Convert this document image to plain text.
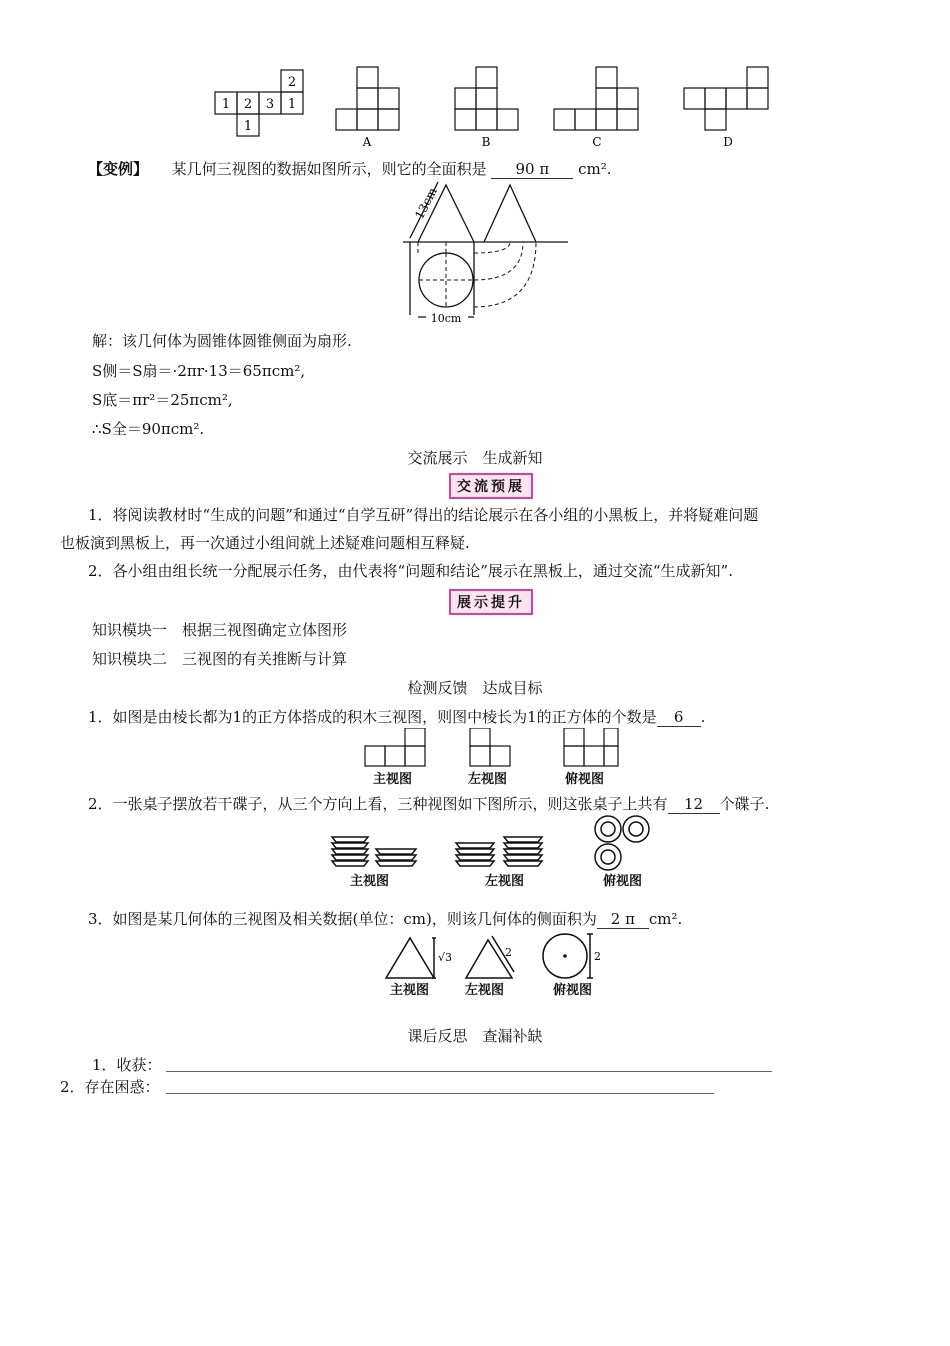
2
1 2 3 1
1
A	B	C	D
【变例】 某几何三视图的数据如图所示，则它的全面积是 90 π cm².
13cm
10cm
解：该几何体为圆锥体圆锥侧面为扇形.
S侧＝S扇＝·2πr·13＝65πcm²,
S底＝πr²＝25πcm²,
∴S全＝90πcm².
交流展示　生成新知
交流预展
1．将阅读教材时“生成的问题”和通过“自学互研”得出的结论展示在各小组的小黑板上，并将疑难问题
也板演到黑板上，再一次通过小组间就上述疑难问题相互释疑.
2．各小组由组长统一分配展示任务，由代表将“问题和结论”展示在黑板上，通过交流“生成新知”.
展示提升
知识模块一　根据三视图确定立体图形
知识模块二　三视图的有关推断与计算
检测反馈　达成目标
1．如图是由棱长都为1的正方体搭成的积木三视图，则图中棱长为1的正方体的个数是 6 .
主视图	左视图	俯视图
2．一张桌子摆放若干碟子，从三个方向上看，三种视图如下图所示，则这张桌子上共有 12 个碟子.
主视图	左视图	俯视图
3．如图是某几何体的三视图及相关数据(单位：cm)，则该几何体的侧面积为 2 π cm².
√3	2	2
主视图	左视图	俯视图
课后反思　查漏补缺
1．收获：
2．存在困惑：
